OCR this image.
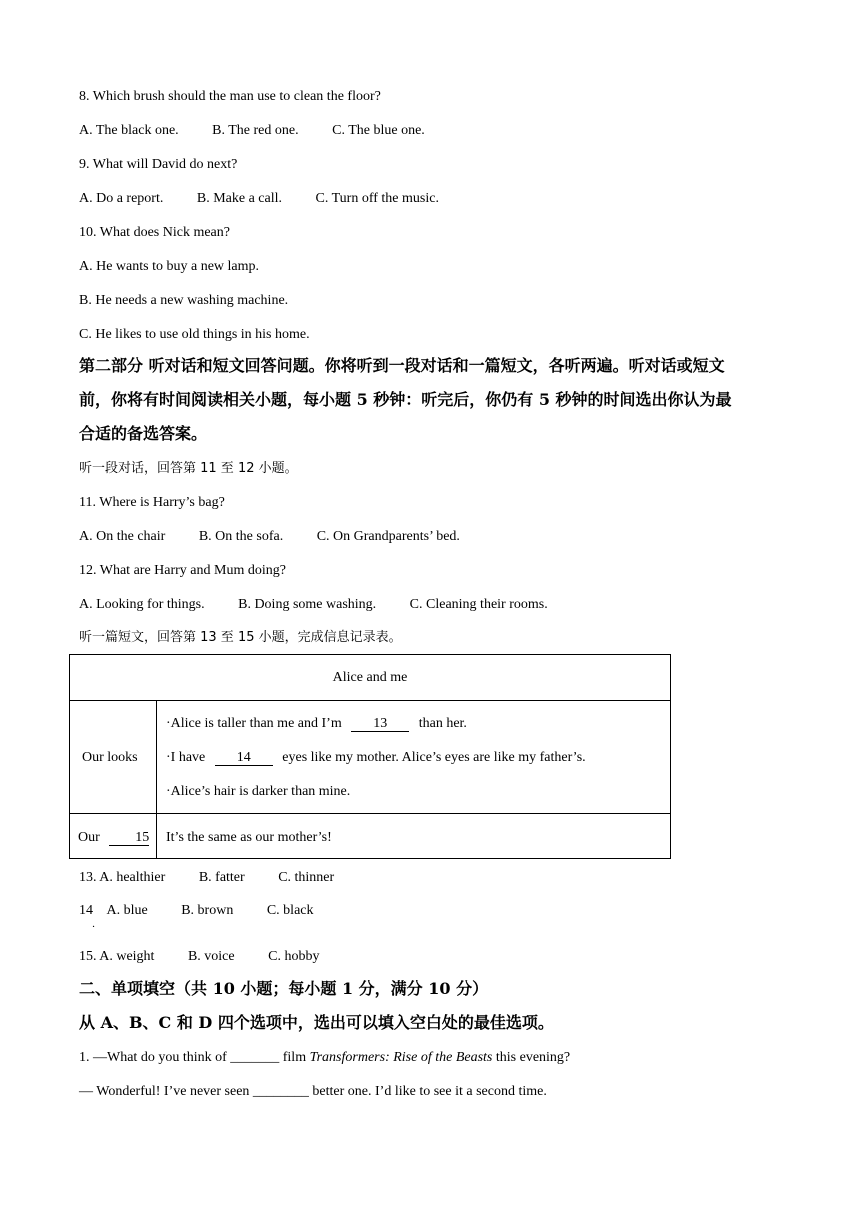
8. Which brush should the man use to clean the floor?
A. The black one. B. The red one. C. The blue one.
9. What will David do next?
A. Do a report. B. Make a call. C. Turn off the music.
10. What does Nick mean?
A. He wants to buy a new lamp.
B. He needs a new washing machine.
C. He likes to use old things in his home.
第二部分 听对话和短文回答问题。你将听到一段对话和一篇短文，各听两遍。听对话或短文
前，你将有时间阅读相关小题，每小题 5 秒钟：听完后，你仍有 5 秒钟的时间选出你认为最
合适的备选答案。
听一段对话，回答第 11 至 12 小题。
11. Where is Harry’s bag?
A. On the chair B. On the sofa. C. On Grandparents’ bed.
12. What are Harry and Mum doing?
A. Looking for things. B. Doing some washing. C. Cleaning their rooms.
听一篇短文，回答第 13 至 15 小题，完成信息记录表。
Alice and me
Our looks
·Alice is taller than me and I’m 13 than her.
·I have 14 eyes like my mother. Alice’s eyes are like my father’s.
·Alice’s hair is darker than mine.
Our	15 It’s the same as our mother’s!
13. A. healthier B. fatter C. thinner
14 A. blue B. brown C. black
．
15. A. weight B. voice C. hobby
二、单项填空（共 10 小题；每小题 1 分，满分 10 分）
从 A、B、C 和 D 四个选项中，选出可以填入空白处的最佳选项。
1. —What do you think of _______ film Transformers: Rise of the Beasts this evening?
— Wonderful! I’ve never seen ________ better one. I’d like to see it a second time.
